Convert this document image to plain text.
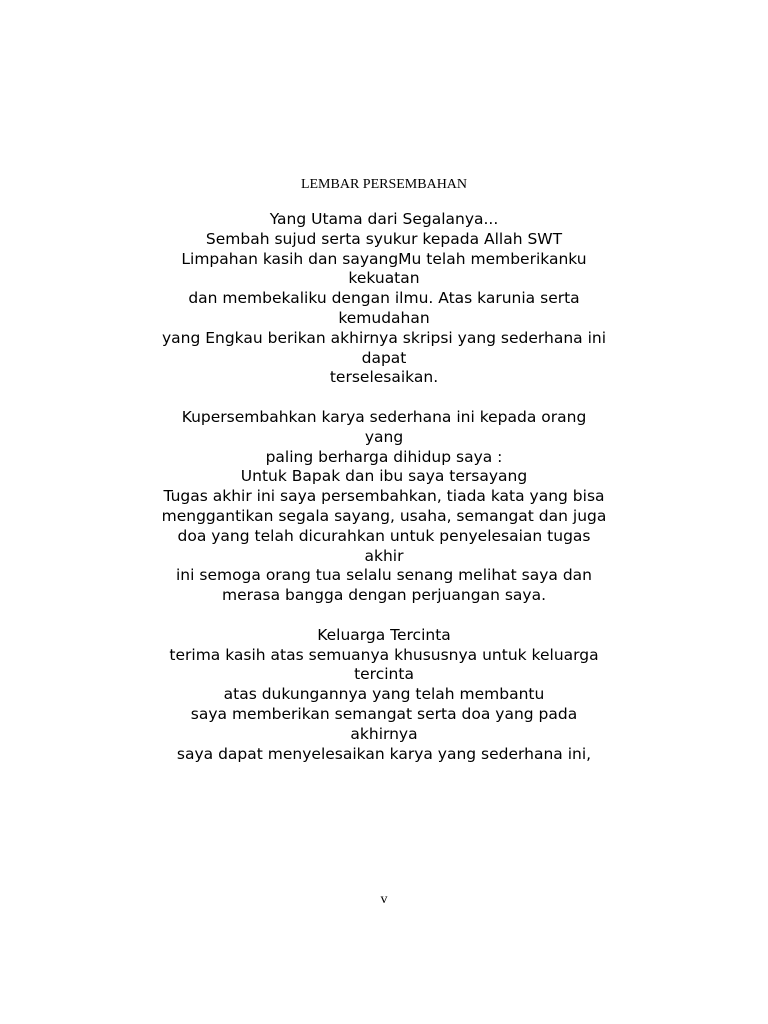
LEMBAR PERSEMBAHAN
Yang Utama dari Segalanya...
Sembah sujud serta syukur kepada Allah SWT
Limpahan kasih dan sayangMu telah memberikanku
kekuatan
dan membekaliku dengan ilmu. Atas karunia serta
kemudahan
yang Engkau berikan akhirnya skripsi yang sederhana ini
dapat
terselesaikan.
Kupersembahkan karya sederhana ini kepada orang
yang
paling berharga dihidup saya :
Untuk Bapak dan ibu saya tersayang
Tugas akhir ini saya persembahkan, tiada kata yang bisa
menggantikan segala sayang, usaha, semangat dan juga
doa yang telah dicurahkan untuk penyelesaian tugas
akhir
ini semoga orang tua selalu senang melihat saya dan
merasa bangga dengan perjuangan saya.
Keluarga Tercinta
terima kasih atas semuanya khususnya untuk keluarga
tercinta
atas dukungannya yang telah membantu
saya memberikan semangat serta doa yang pada
akhirnya
saya dapat menyelesaikan karya yang sederhana ini,
v
